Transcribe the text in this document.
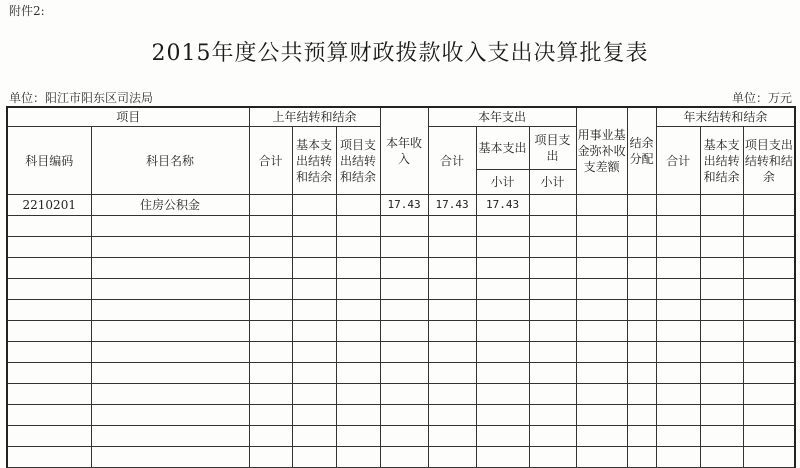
附件2:
2015年度公共预算财政拨款收入支出决算批复表
单位：阳江市阳东区司法局	单位：万元
项目		上年结转和结余			本年收入	本年支出			用事业基金弥补收支差额	结余分配	年末结转和结余		
科目编码	科目名称	合计	基本支出结转和结余	项目支出结转和结余		合计	基本支出	项目支出			合计	基本支出结转和结余	项目支出结转和结余
							小计	小计					
2210201	住房公积金				17.43	17.43	17.43						
